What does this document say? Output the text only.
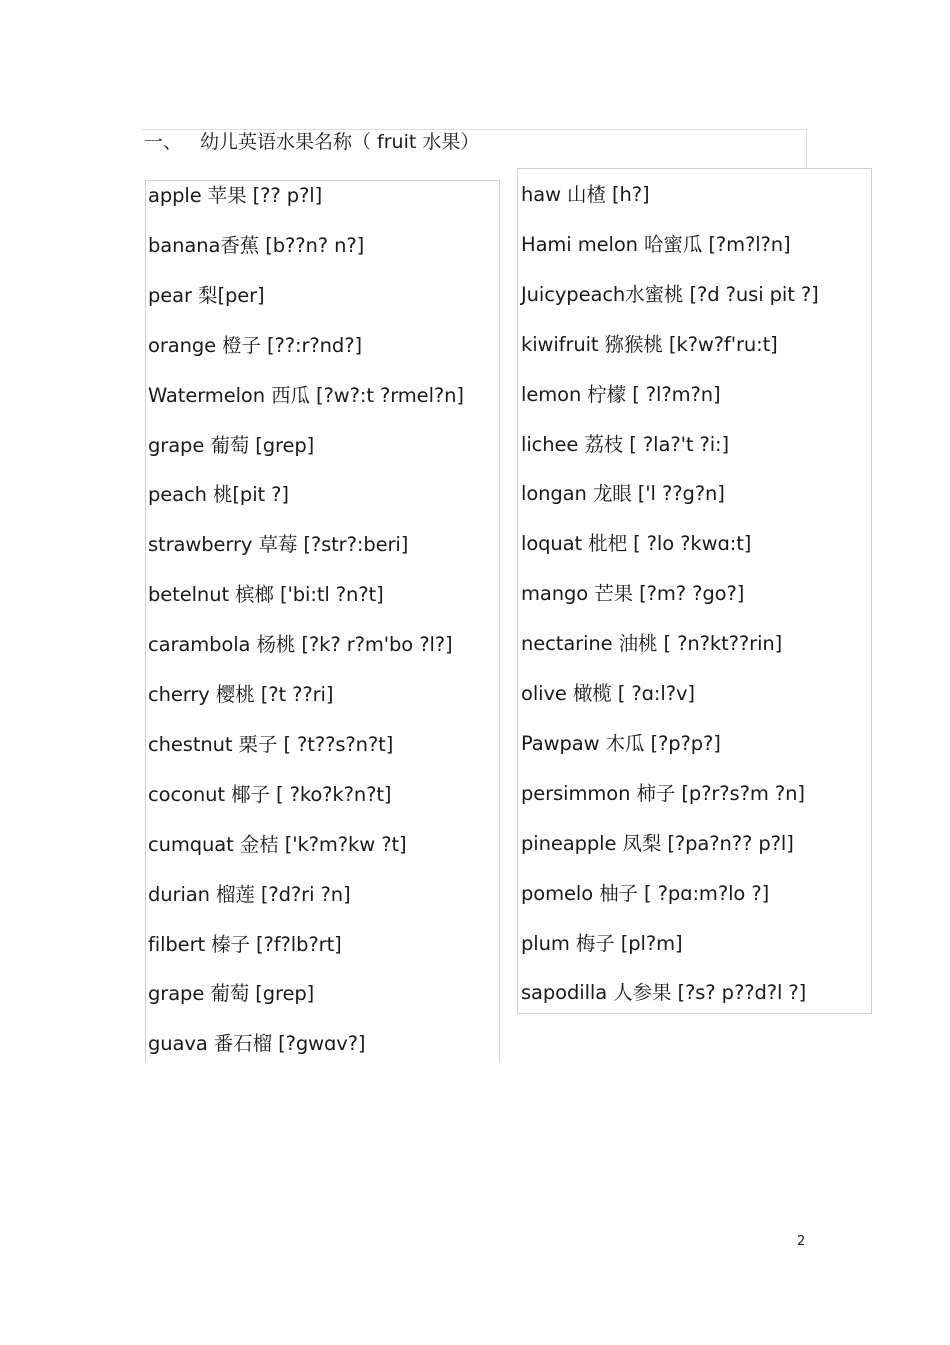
一、 幼儿英语水果名称（ fruit 水果）
apple 苹果 [?? p?l]
banana香蕉 [b??n? n?]
pear 梨[per]
orange 橙子 [??:r?nd?]
Watermelon 西瓜 [?w?:t ?rmel?n]
grape 葡萄 [grep]
peach 桃[pit ?]
strawberry 草莓 [?str?:beri]
betelnut 槟榔 ['bi:tl ?n?t]
carambola 杨桃 [?k? r?m'bo ?l?]
cherry 樱桃 [?t ??ri]
chestnut 栗子 [ ?t??s?n?t]
coconut 椰子 [ ?ko?k?n?t]
cumquat 金桔 ['k?m?kw ?t]
durian 榴莲 [?d?ri ?n]
filbert 榛子 [?f?lb?rt]
grape 葡萄 [grep]
guava 番石榴 [?gwɑv?]
haw 山楂 [h?]
Hami melon 哈蜜瓜 [?m?l?n]
Juicypeach水蜜桃 [?d ?usi pit ?]
kiwifruit 猕猴桃 [k?w?f'ru:t]
lemon 柠檬 [ ?l?m?n]
lichee 荔枝 [ ?la?'t ?i:]
longan 龙眼 ['l ??g?n]
loquat 枇杷 [ ?lo ?kwɑ:t]
mango 芒果 [?m? ?go?]
nectarine 油桃 [ ?n?kt??rin]
olive 橄榄 [ ?ɑ:l?v]
Pawpaw 木瓜 [?p?p?]
persimmon 柿子 [p?r?s?m ?n]
pineapple 凤梨 [?pa?n?? p?l]
pomelo 柚子 [ ?pɑ:m?lo ?]
plum 梅子 [pl?m]
sapodilla 人参果 [?s? p??d?l ?]
2
